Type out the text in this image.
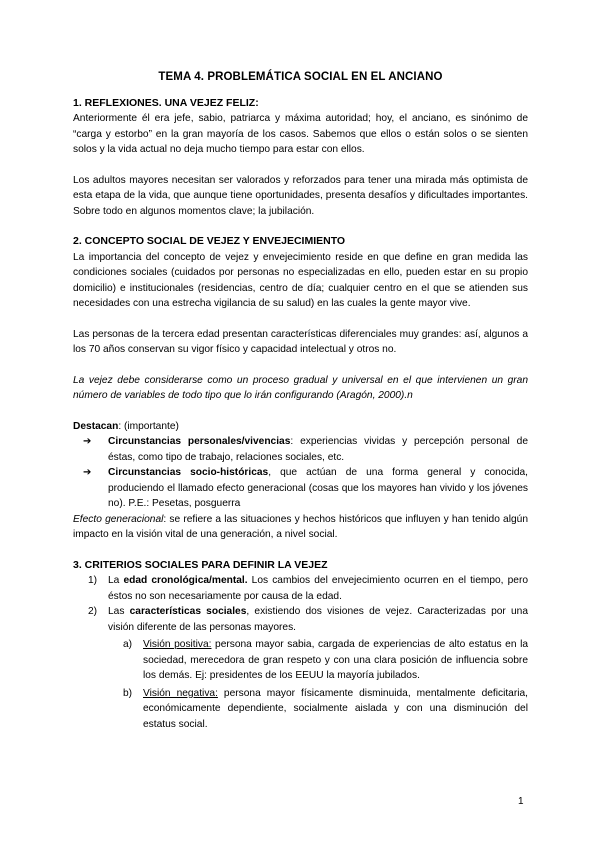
TEMA 4. PROBLEMÁTICA SOCIAL EN EL ANCIANO
1. REFLEXIONES. UNA VEJEZ FELIZ:

Anteriormente él era jefe, sabio, patriarca y máxima autoridad; hoy, el anciano, es sinónimo de “carga y estorbo” en la gran mayoría de los casos. Sabemos que ellos o están solos o se sienten solos y la vida actual no deja mucho tiempo para estar con ellos.

Los adultos mayores necesitan ser valorados y reforzados para tener una mirada más optimista de esta etapa de la vida, que aunque tiene oportunidades, presenta desafíos y dificultades importantes. Sobre todo en algunos momentos clave; la jubilación.

2. CONCEPTO SOCIAL DE VEJEZ Y ENVEJECIMIENTO

La importancia del concepto de vejez y envejecimiento reside en que define en gran medida las condiciones sociales (cuidados por personas no especializadas en ello, pueden estar en su propio domicilio) e institucionales (residencias, centro de día; cualquier centro en el que se atienden sus necesidades con una estrecha vigilancia de su salud) en las cuales la gente mayor vive.

Las personas de la tercera edad presentan características diferenciales muy grandes: así, algunos a los 70 años conservan su vigor físico y capacidad intelectual y otros no.

La vejez debe considerarse como un proceso gradual y universal en el que intervienen un gran número de variables de todo tipo que lo irán configurando (Aragón, 2000).n

Destacan: (importante)

➔ Circunstancias personales/vivencias: experiencias vividas y percepción personal de éstas, como tipo de trabajo, relaciones sociales, etc.
➔ Circunstancias socio-históricas, que actúan de una forma general y conocida, produciendo el llamado efecto generacional (cosas que los mayores han vivido y los jóvenes no). P.E.: Pesetas, posguerra

Efecto generacional: se refiere a las situaciones y hechos históricos que influyen y han tenido algún impacto en la visión vital de una generación, a nivel social.

3. CRITERIOS SOCIALES PARA DEFINIR LA VEJEZ
1) La edad cronológica/mental. Los cambios del envejecimiento ocurren en el tiempo, pero éstos no son necesariamente por causa de la edad.
2) Las características sociales, existiendo dos visiones de vejez. Caracterizadas por una visión diferente de las personas mayores.
a) Visión positiva: persona mayor sabia, cargada de experiencias de alto estatus en la sociedad, merecedora de gran respeto y con una clara posición de influencia sobre los demás. Ej: presidentes de los EEUU la mayoría jubilados.
b) Visión negativa: persona mayor físicamente disminuida, mentalmente deficitaria, económicamente dependiente, socialmente aislada y con una disminución del estatus social.
1
